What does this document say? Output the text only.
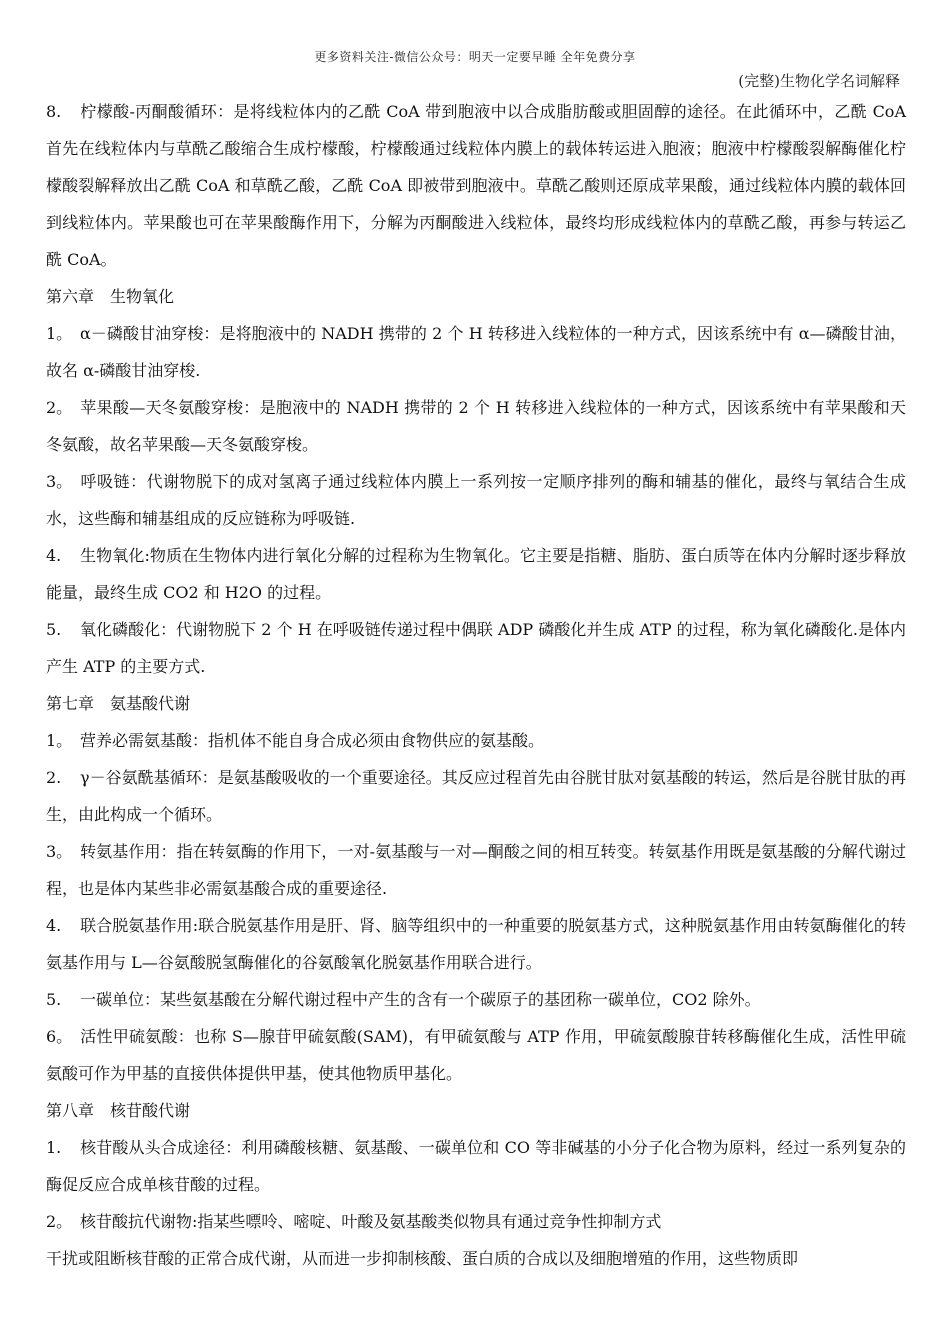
更多资料关注-微信公众号：明天一定要早睡 全年免费分享
(完整)生物化学名词解释

8. 柠檬酸-丙酮酸循环：是将线粒体内的乙酰 CoA 带到胞液中以合成脂肪酸或胆固醇的途径。在此循环中，乙酰 CoA 首先在线粒体内与草酰乙酸缩合生成柠檬酸，柠檬酸通过线粒体内膜上的载体转运进入胞液；胞液中柠檬酸裂解酶催化柠檬酸裂解释放出乙酰 CoA 和草酰乙酸，乙酰 CoA 即被带到胞液中。草酰乙酸则还原成苹果酸，通过线粒体内膜的载体回到线粒体内。苹果酸也可在苹果酸酶作用下，分解为丙酮酸进入线粒体，最终均形成线粒体内的草酰乙酸，再参与转运乙酰 CoA。

第六章　生物氧化

1。 α－磷酸甘油穿梭：是将胞液中的 NADH 携带的 2 个 H 转移进入线粒体的一种方式，因该系统中有 α—磷酸甘油，故名 α-磷酸甘油穿梭.

2。 苹果酸—天冬氨酸穿梭：是胞液中的 NADH 携带的 2 个 H 转移进入线粒体的一种方式，因该系统中有苹果酸和天冬氨酸，故名苹果酸—天冬氨酸穿梭。

3。 呼吸链：代谢物脱下的成对氢离子通过线粒体内膜上一系列按一定顺序排列的酶和辅基的催化，最终与氧结合生成水，这些酶和辅基组成的反应链称为呼吸链.

4. 生物氧化:物质在生物体内进行氧化分解的过程称为生物氧化。它主要是指糖、脂肪、蛋白质等在体内分解时逐步释放能量，最终生成 CO2 和 H2O 的过程。

5. 氧化磷酸化：代谢物脱下 2 个 H 在呼吸链传递过程中偶联 ADP 磷酸化并生成 ATP 的过程，称为氧化磷酸化.是体内产生 ATP 的主要方式.

第七章　氨基酸代谢

1。 营养必需氨基酸：指机体不能自身合成必须由食物供应的氨基酸。

2. γ－谷氨酰基循环：是氨基酸吸收的一个重要途径。其反应过程首先由谷胱甘肽对氨基酸的转运，然后是谷胱甘肽的再生，由此构成一个循环。

3。 转氨基作用：指在转氨酶的作用下，一对-氨基酸与一对—酮酸之间的相互转变。转氨基作用既是氨基酸的分解代谢过程，也是体内某些非必需氨基酸合成的重要途径.

4. 联合脱氨基作用:联合脱氨基作用是肝、肾、脑等组织中的一种重要的脱氨基方式，这种脱氨基作用由转氨酶催化的转氨基作用与 L—谷氨酸脱氢酶催化的谷氨酸氧化脱氨基作用联合进行。

5. 一碳单位：某些氨基酸在分解代谢过程中产生的含有一个碳原子的基团称一碳单位，CO2 除外。

6。 活性甲硫氨酸：也称 S—腺苷甲硫氨酸(SAM)，有甲硫氨酸与 ATP 作用，甲硫氨酸腺苷转移酶催化生成，活性甲硫氨酸可作为甲基的直接供体提供甲基，使其他物质甲基化。

第八章　核苷酸代谢

1. 核苷酸从头合成途径：利用磷酸核糖、氨基酸、一碳单位和 CO 等非碱基的小分子化合物为原料，经过一系列复杂的酶促反应合成单核苷酸的过程。

2。 核苷酸抗代谢物:指某些嘌呤、嘧啶、叶酸及氨基酸类似物具有通过竞争性抑制方式

干扰或阻断核苷酸的正常合成代谢，从而进一步抑制核酸、蛋白质的合成以及细胞增殖的作用，这些物质即
